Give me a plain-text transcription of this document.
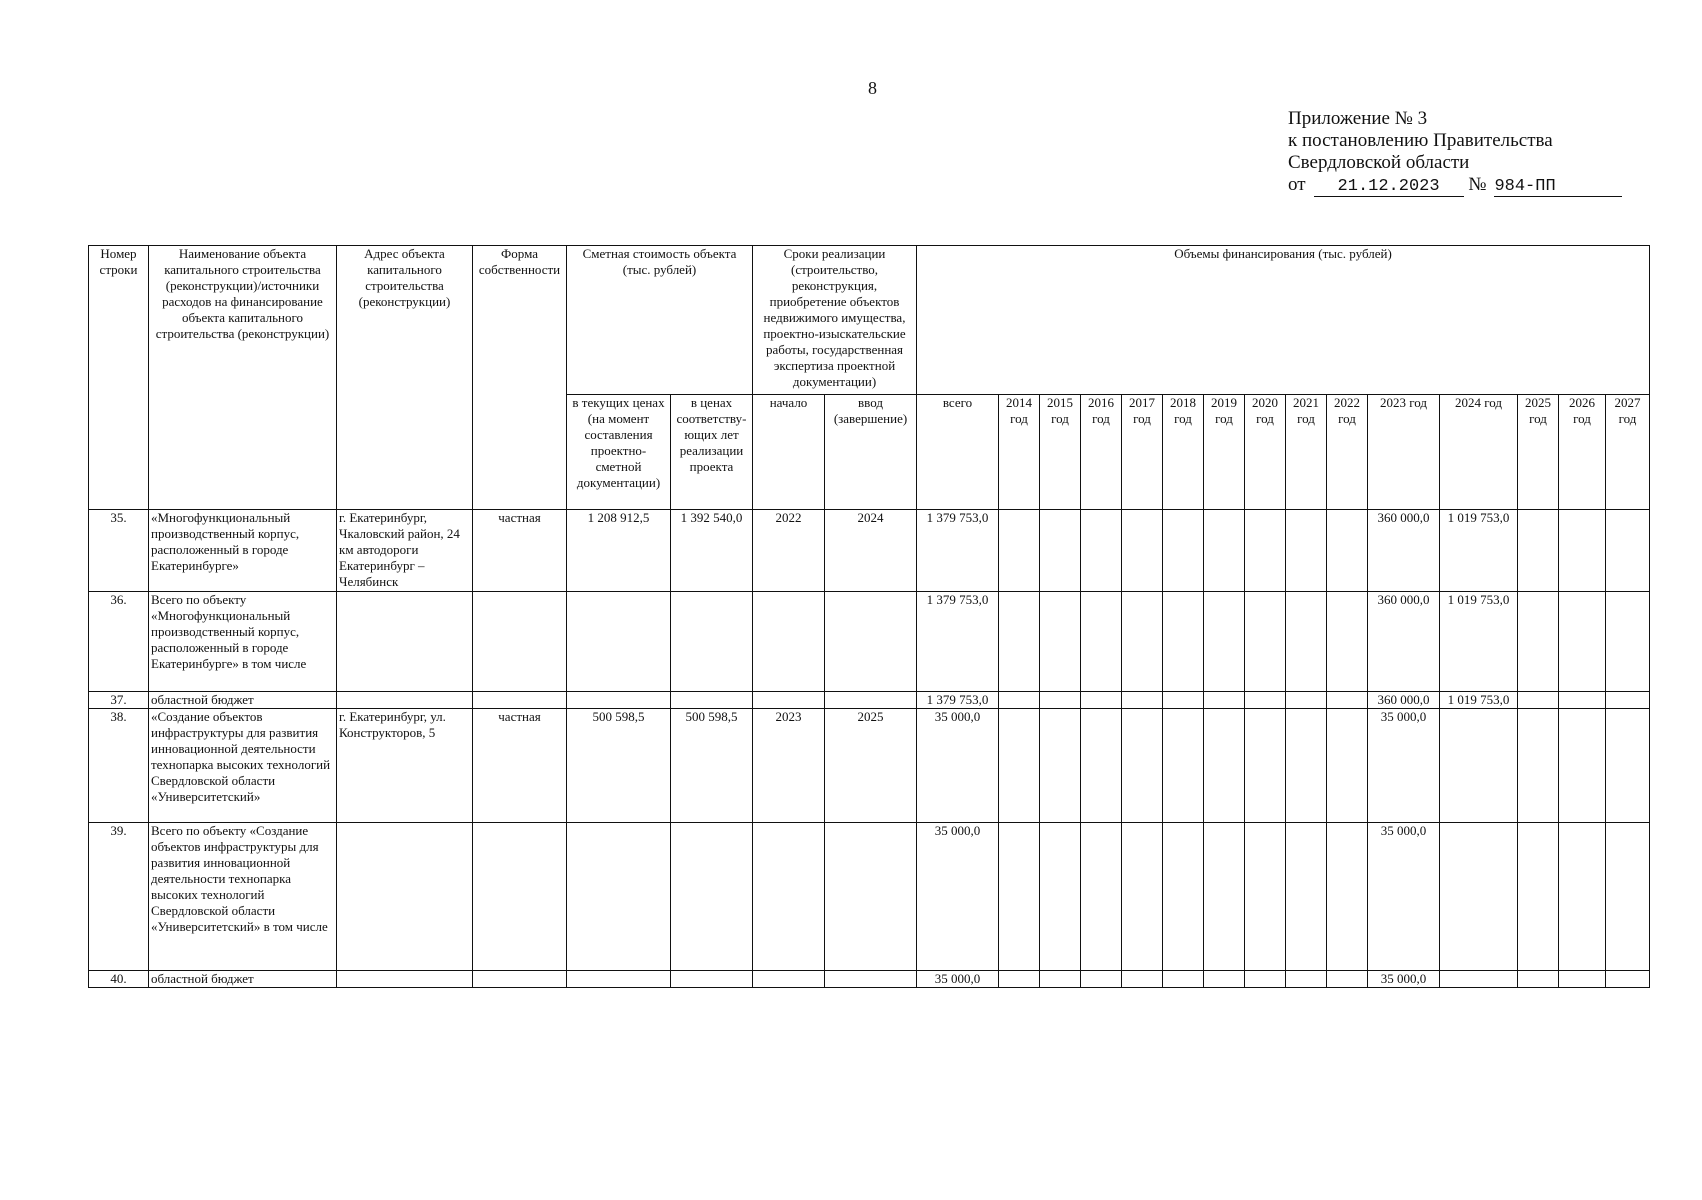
8
Приложение № 3
к постановлению Правительства
Свердловской области
от 21.12.2023 № 984-ПП
Номер строки	Наименование объекта капитального строительства (реконструкции)/источники расходов на финансирование объекта капитального строительства (реконструкции)	Адрес объекта капитального строительства (реконструкции)	Форма собственности	Сметная стоимость объекта (тыс. рублей)		Сроки реализации (строительство, реконструкция, приобретение объектов недвижимого имущества, проектно-изыскательские работы, государственная экспертиза проектной документации)		Объемы финансирования (тыс. рублей)														
				в текущих ценах (на момент составления проектно-сметной документации)	в ценах соответству-ющих лет реализации проекта	начало	ввод (завершение)	всего	2014 год	2015 год	2016 год	2017 год	2018 год	2019 год	2020 год	2021 год	2022 год	2023 год	2024 год	2025 год	2026 год	2027 год
35.	«Многофункциональный производственный корпус, расположенный в городе Екатеринбурге»	г. Екатеринбург, Чкаловский район, 24 км автодороги Екатеринбург – Челябинск	частная	1 208 912,5	1 392 540,0	2022	2024	1 379 753,0										360 000,0	1 019 753,0			
36.	Всего по объекту «Многофункциональный производственный корпус, расположенный в городе Екатеринбурге» в том числе							1 379 753,0										360 000,0	1 019 753,0			
37.	областной бюджет							1 379 753,0										360 000,0	1 019 753,0			
38.	«Создание объектов инфраструктуры для развития инновационной деятельности технопарка высоких технологий Свердловской области «Университетский»	г. Екатеринбург, ул. Конструкторов, 5	частная	500 598,5	500 598,5	2023	2025	35 000,0										35 000,0				
39.	Всего по объекту «Создание объектов инфраструктуры для развития инновационной деятельности технопарка высоких технологий Свердловской области «Университетский» в том числе							35 000,0										35 000,0				
40.	областной бюджет							35 000,0										35 000,0				
